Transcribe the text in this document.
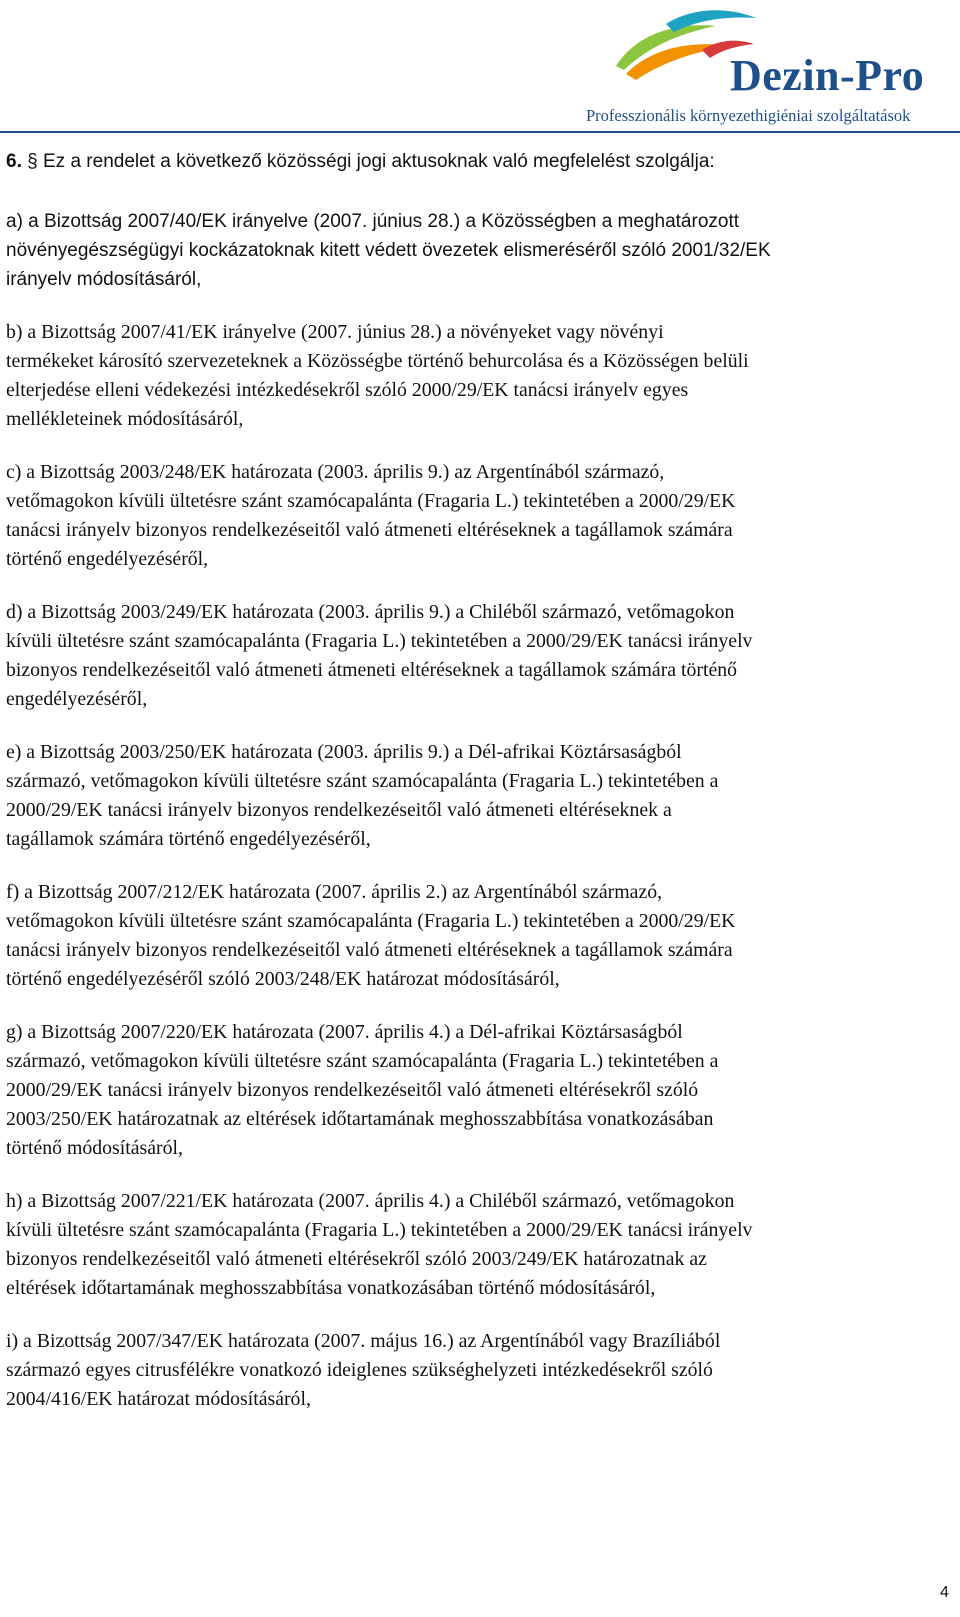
Dezin-Pro
Professzionális környezethigiéniai szolgáltatások
6. § Ez a rendelet a következő közösségi jogi aktusoknak való megfelelést szolgálja:
a) a Bizottság 2007/40/EK irányelve (2007. június 28.) a Közösségben a meghatározott
növényegészségügyi kockázatoknak kitett védett övezetek elismeréséről szóló 2001/32/EK
irányelv módosításáról,
b) a Bizottság 2007/41/EK irányelve (2007. június 28.) a növényeket vagy növényi
termékeket károsító szervezeteknek a Közösségbe történő behurcolása és a Közösségen belüli
elterjedése elleni védekezési intézkedésekről szóló 2000/29/EK tanácsi irányelv egyes
mellékleteinek módosításáról,
c) a Bizottság 2003/248/EK határozata (2003. április 9.) az Argentínából származó,
vetőmagokon kívüli ültetésre szánt szamócapalánta (Fragaria L.) tekintetében a 2000/29/EK
tanácsi irányelv bizonyos rendelkezéseitől való átmeneti eltéréseknek a tagállamok számára
történő engedélyezéséről,
d) a Bizottság 2003/249/EK határozata (2003. április 9.) a Chiléből származó, vetőmagokon
kívüli ültetésre szánt szamócapalánta (Fragaria L.) tekintetében a 2000/29/EK tanácsi irányelv
bizonyos rendelkezéseitől való átmeneti átmeneti eltéréseknek a tagállamok számára történő
engedélyezéséről,
e) a Bizottság 2003/250/EK határozata (2003. április 9.) a Dél-afrikai Köztársaságból
származó, vetőmagokon kívüli ültetésre szánt szamócapalánta (Fragaria L.) tekintetében a
2000/29/EK tanácsi irányelv bizonyos rendelkezéseitől való átmeneti eltéréseknek a
tagállamok számára történő engedélyezéséről,
f) a Bizottság 2007/212/EK határozata (2007. április 2.) az Argentínából származó,
vetőmagokon kívüli ültetésre szánt szamócapalánta (Fragaria L.) tekintetében a 2000/29/EK
tanácsi irányelv bizonyos rendelkezéseitől való átmeneti eltéréseknek a tagállamok számára
történő engedélyezéséről szóló 2003/248/EK határozat módosításáról,
g) a Bizottság 2007/220/EK határozata (2007. április 4.) a Dél-afrikai Köztársaságból
származó, vetőmagokon kívüli ültetésre szánt szamócapalánta (Fragaria L.) tekintetében a
2000/29/EK tanácsi irányelv bizonyos rendelkezéseitől való átmeneti eltérésekről szóló
2003/250/EK határozatnak az eltérések időtartamának meghosszabbítása vonatkozásában
történő módosításáról,
h) a Bizottság 2007/221/EK határozata (2007. április 4.) a Chiléből származó, vetőmagokon
kívüli ültetésre szánt szamócapalánta (Fragaria L.) tekintetében a 2000/29/EK tanácsi irányelv
bizonyos rendelkezéseitől való átmeneti eltérésekről szóló 2003/249/EK határozatnak az
eltérések időtartamának meghosszabbítása vonatkozásában történő módosításáról,
i) a Bizottság 2007/347/EK határozata (2007. május 16.) az Argentínából vagy Brazíliából
származó egyes citrusfélékre vonatkozó ideiglenes szükséghelyzeti intézkedésekről szóló
2004/416/EK határozat módosításáról,
4
